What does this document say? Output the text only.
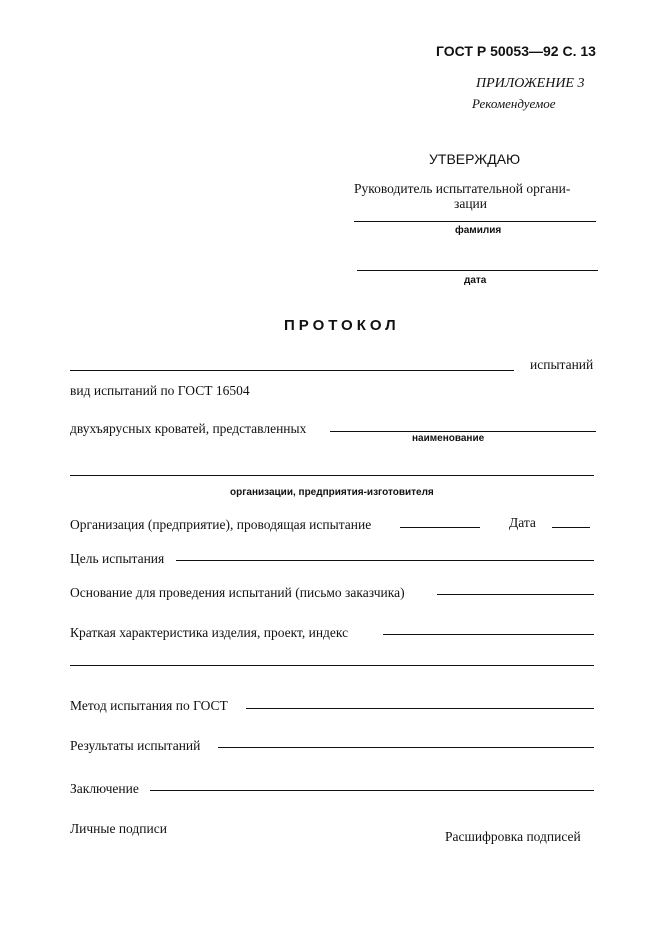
ГОСТ Р 50053—92 С. 13
ПРИЛОЖЕНИЕ 3
Рекомендуемое
УТВЕРЖДАЮ
Руководитель испытательной органи-
зации
фамилия
дата
ПРОТОКОЛ
испытаний
вид испытаний по ГОСТ 16504
двухъярусных кроватей, представленных
наименование
организации, предприятия-изготовителя
Организация (предприятие), проводящая испытание	Дата
Цель испытания
Основание для проведения испытаний (письмо заказчика)
Краткая характеристика изделия, проект, индекс
Метод испытания по ГОСТ
Результаты испытаний
Заключение
Личные подписи
Расшифровка подписей
